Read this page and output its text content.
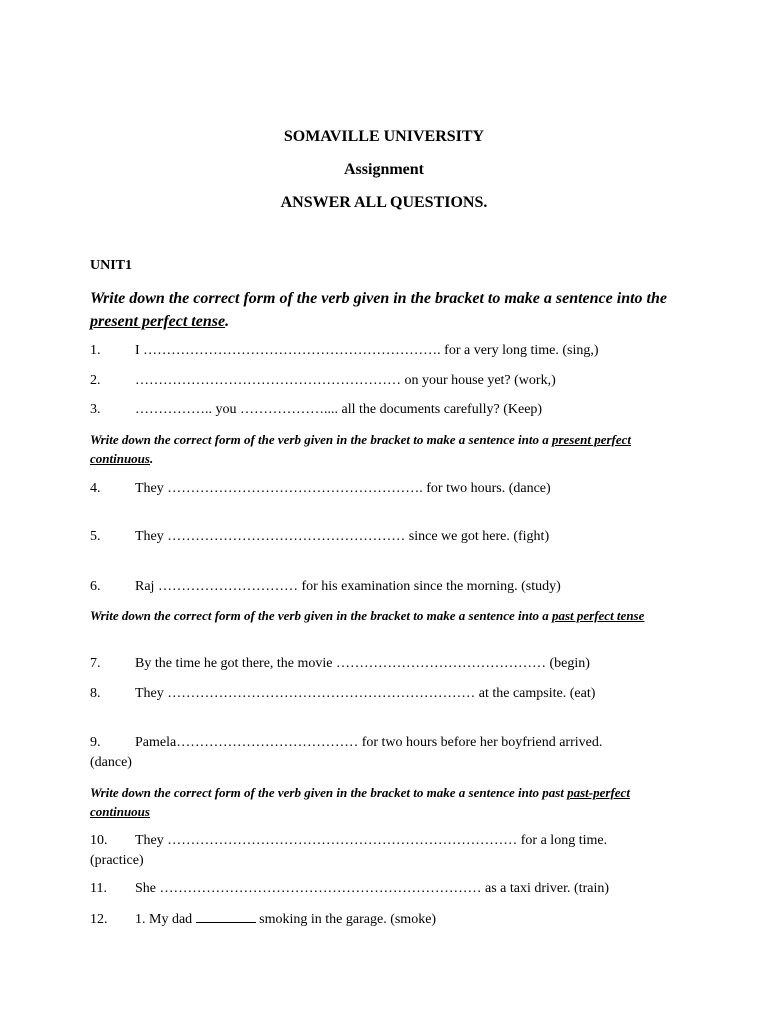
SOMAVILLE UNIVERSITY
Assignment
ANSWER ALL QUESTIONS.
UNIT1
Write down the correct form of the verb given in the bracket to make a sentence into the present perfect tense.
1.	I ………………………………………………………. for a very long time. (sing,)
2.	………………………………………………… on your house yet? (work,)
3.	…………….. you ……………….... all the documents carefully? (Keep)
Write down the correct form of the verb given in the bracket to make a sentence into a present perfect continuous.
4.	They ………………………………………………. for two hours. (dance)
5.	They …………………………………………… since we got here. (fight)
6.	Raj ………………………… for his examination since the morning. (study)
Write down the correct form of the verb given in the bracket to make a sentence into a past perfect tense
7.	By the time he got there, the movie ……………………………………… (begin)
8.	They ………………………………………………………… at the campsite. (eat)
9.	Pamela………………………………… for two hours before her boyfriend arrived.
(dance)
Write down the correct form of the verb given in the bracket to make a sentence into past past-perfect continuous
10.	They ………………………………………………………………… for a long time.
(practice)
11.	She …………………………………………………………… as a taxi driver. (train)
12.	1. My dad	smoking in the garage. (smoke)
